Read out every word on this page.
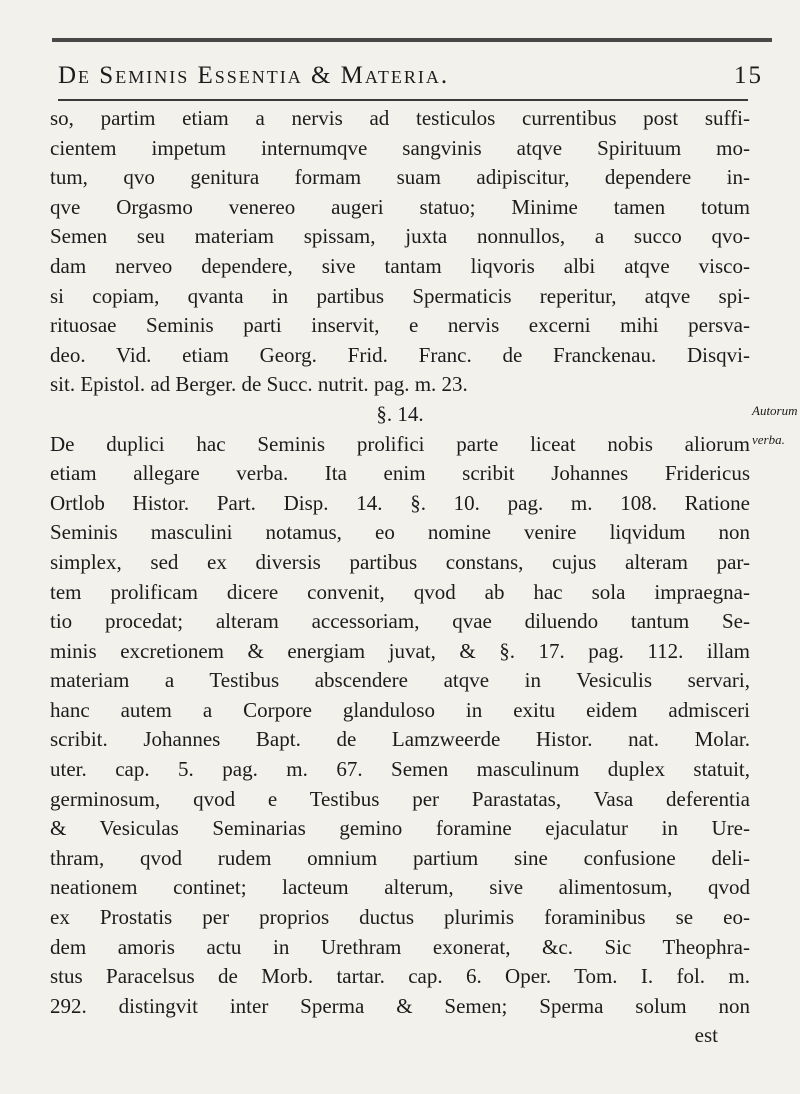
De Seminis Essentia & Materia.	15
so, partim etiam a nervis ad testiculos currentibus post suffi-
cientem impetum internumqve sangvinis atqve Spirituum mo-
tum, qvo genitura formam suam adipiscitur, dependere in-
qve Orgasmo venereo augeri statuo; Minime tamen totum
Semen seu materiam spissam, juxta nonnullos, a succo qvo-
dam nerveo dependere, sive tantam liqvoris albi atqve visco-
si copiam, qvanta in partibus Spermaticis reperitur, atqve spi-
rituosae Seminis parti inservit, e nervis excerni mihi persva-
deo. Vid. etiam Georg. Frid. Franc. de Franckenau. Disqvi-
sit. Epistol. ad Berger. de Succ. nutrit. pag. m. 23.
§. 14.
De duplici hac Seminis prolifici parte liceat nobis aliorum
etiam allegare verba. Ita enim scribit Johannes Fridericus
Ortlob Histor. Part. Disp. 14. §. 10. pag. m. 108. Ratione
Seminis masculini notamus, eo nomine venire liqvidum non
simplex, sed ex diversis partibus constans, cujus alteram par-
tem prolificam dicere convenit, qvod ab hac sola impraegna-
tio procedat; alteram accessoriam, qvae diluendo tantum Se-
minis excretionem & energiam juvat, & §. 17. pag. 112. illam
materiam a Testibus abscendere atqve in Vesiculis servari,
hanc autem a Corpore glanduloso in exitu eidem admisceri
scribit. Johannes Bapt. de Lamzweerde Histor. nat. Molar.
uter. cap. 5. pag. m. 67. Semen masculinum duplex statuit,
germinosum, qvod e Testibus per Parastatas, Vasa deferentia
& Vesiculas Seminarias gemino foramine ejaculatur in Ure-
thram, qvod rudem omnium partium sine confusione deli-
neationem continet; lacteum alterum, sive alimentosum, qvod
ex Prostatis per proprios ductus plurimis foraminibus se eo-
dem amoris actu in Urethram exonerat, &c. Sic Theophra-
stus Paracelsus de Morb. tartar. cap. 6. Oper. Tom. I. fol. m.
292. distingvit inter Sperma & Semen; Sperma solum non
est
Autorum
verba.
